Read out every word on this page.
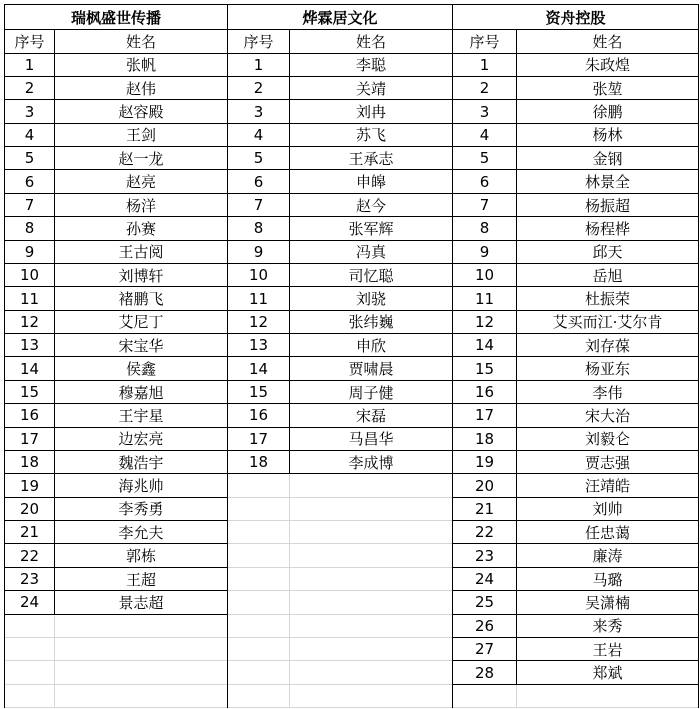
瑞枫盛世传播
序号	姓名
1	张帆
2	赵伟
3	赵容殿
4	王剑
5	赵一龙
6	赵亮
7	杨洋
8	孙赛
9	王古阅
10	刘博轩
11	褚鹏飞
12	艾尼丁
13	宋宝华
14	侯鑫
15	穆嘉旭
16	王宇星
17	边宏亮
18	魏浩宇
19	海兆帅
20	李秀勇
21	李允夫
22	郭栋
23	王超
24	景志超
烨霖居文化
序号	姓名
1	李聪
2	关靖
3	刘冉
4	苏飞
5	王承志
6	申皞
7	赵今
8	张军辉
9	冯真
10	司忆聪
11	刘骁
12	张纬巍
13	申欣
14	贾啸晨
15	周子健
16	宋磊
17	马昌华
18	李成博
资舟控股
序号	姓名
1	朱政煌
2	张堃
3	徐鹏
4	杨林
5	金钢
6	林景全
7	杨振超
8	杨程桦
9	邱天
10	岳旭
11	杜振荣
12	艾买而江·艾尔肯
14	刘存葆
15	杨亚东
16	李伟
17	宋大治
18	刘毅仑
19	贾志强
20	汪靖皓
21	刘帅
22	任忠蔼
23	廉涛
24	马璐
25	吴潇楠
26	来秀
27	王岩
28	郑斌
